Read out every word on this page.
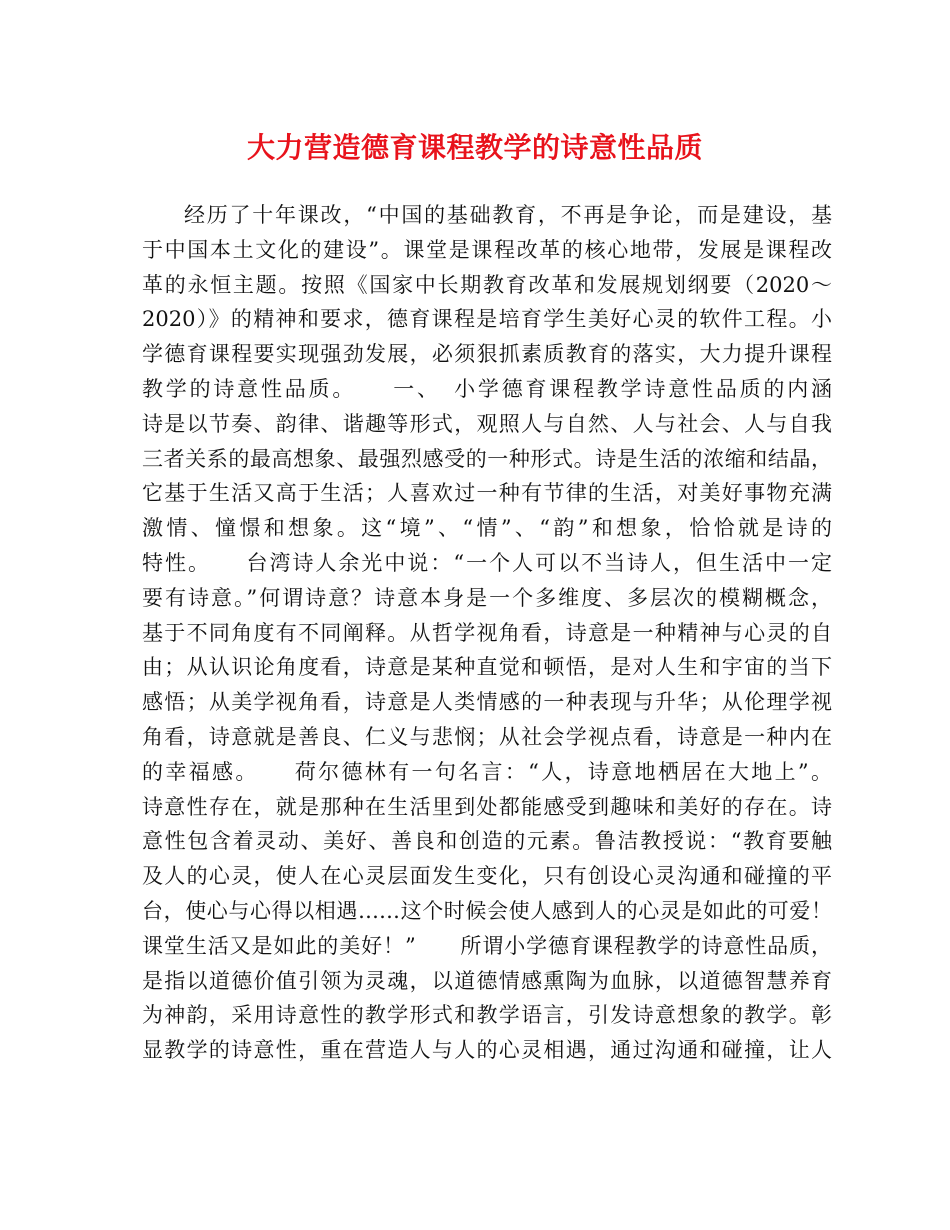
大力营造德育课程教学的诗意性品质
经历了十年课改，“中国的基础教育，不再是争论，而是建设，基
于中国本土文化的建设”。课堂是课程改革的核心地带，发展是课程改
革的永恒主题。按照《国家中长期教育改革和发展规划纲要（2020～
2020）》的精神和要求，德育课程是培育学生美好心灵的软件工程。小
学德育课程要实现强劲发展，必须狠抓素质教育的落实，大力提升课程
教学的诗意性品质。　　一、　小学德育课程教学诗意性品质的内涵
诗是以节奏、韵律、谐趣等形式，观照人与自然、人与社会、人与自我
三者关系的最高想象、最强烈感受的一种形式。诗是生活的浓缩和结晶，
它基于生活又高于生活；人喜欢过一种有节律的生活，对美好事物充满
激情、憧憬和想象。这“境”、“情”、“韵”和想象，恰恰就是诗的
特性。　　台湾诗人余光中说：“一个人可以不当诗人，但生活中一定
要有诗意。”何谓诗意？诗意本身是一个多维度、多层次的模糊概念，
基于不同角度有不同阐释。从哲学视角看，诗意是一种精神与心灵的自
由；从认识论角度看，诗意是某种直觉和顿悟，是对人生和宇宙的当下
感悟；从美学视角看，诗意是人类情感的一种表现与升华；从伦理学视
角看，诗意就是善良、仁义与悲悯；从社会学视点看，诗意是一种内在
的幸福感。　　荷尔德林有一句名言：“人，诗意地栖居在大地上”。
诗意性存在，就是那种在生活里到处都能感受到趣味和美好的存在。诗
意性包含着灵动、美好、善良和创造的元素。鲁洁教授说：“教育要触
及人的心灵，使人在心灵层面发生变化，只有创设心灵沟通和碰撞的平
台，使心与心得以相遇……这个时候会使人感到人的心灵是如此的可爱！
课堂生活又是如此的美好！”　　所谓小学德育课程教学的诗意性品质，
是指以道德价值引领为灵魂，以道德情感熏陶为血脉，以道德智慧养育
为神韵，采用诗意性的教学形式和教学语言，引发诗意想象的教学。彰
显教学的诗意性，重在营造人与人的心灵相遇，通过沟通和碰撞，让人
